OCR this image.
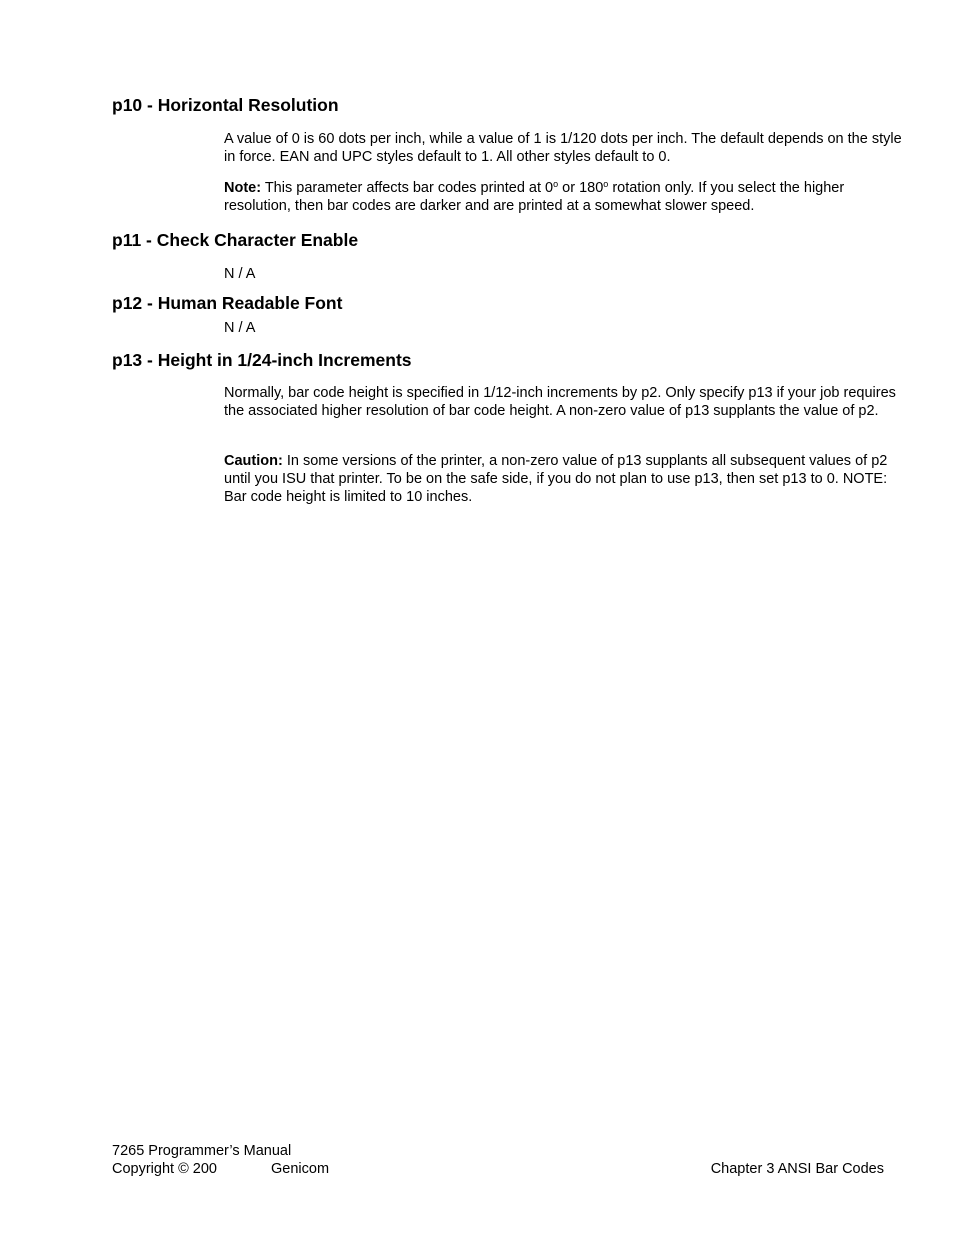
p10 - Horizontal Resolution

A value of 0 is 60 dots per inch, while a value of 1 is 1/120 dots per inch. The default depends on the style in force. EAN and UPC styles default to 1. All other styles default to 0.

Note: This parameter affects bar codes printed at 0$^o$ or 180$^o$ rotation only. If you select the higher resolution, then bar codes are darker and are printed at a somewhat slower speed.

p11 - Check Character Enable

N / A

p12 - Human Readable Font

N / A

p13 - Height in 1/24-inch Increments

Normally, bar code height is specified in 1/12-inch increments by p2. Only specify p13 if your job requires the associated higher resolution of bar code height. A non-zero value of p13 supplants the value of p2.

Caution: In some versions of the printer, a non-zero value of p13 supplants all subsequent values of p2 until you ISU that printer. To be on the safe side, if you do not plan to use p13, then set p13 to 0. NOTE: Bar code height is limited to 10 inches.

7265 Programmer’s Manual
Copyright © 200	Genicom	Chapter 3 ANSI Bar Codes
